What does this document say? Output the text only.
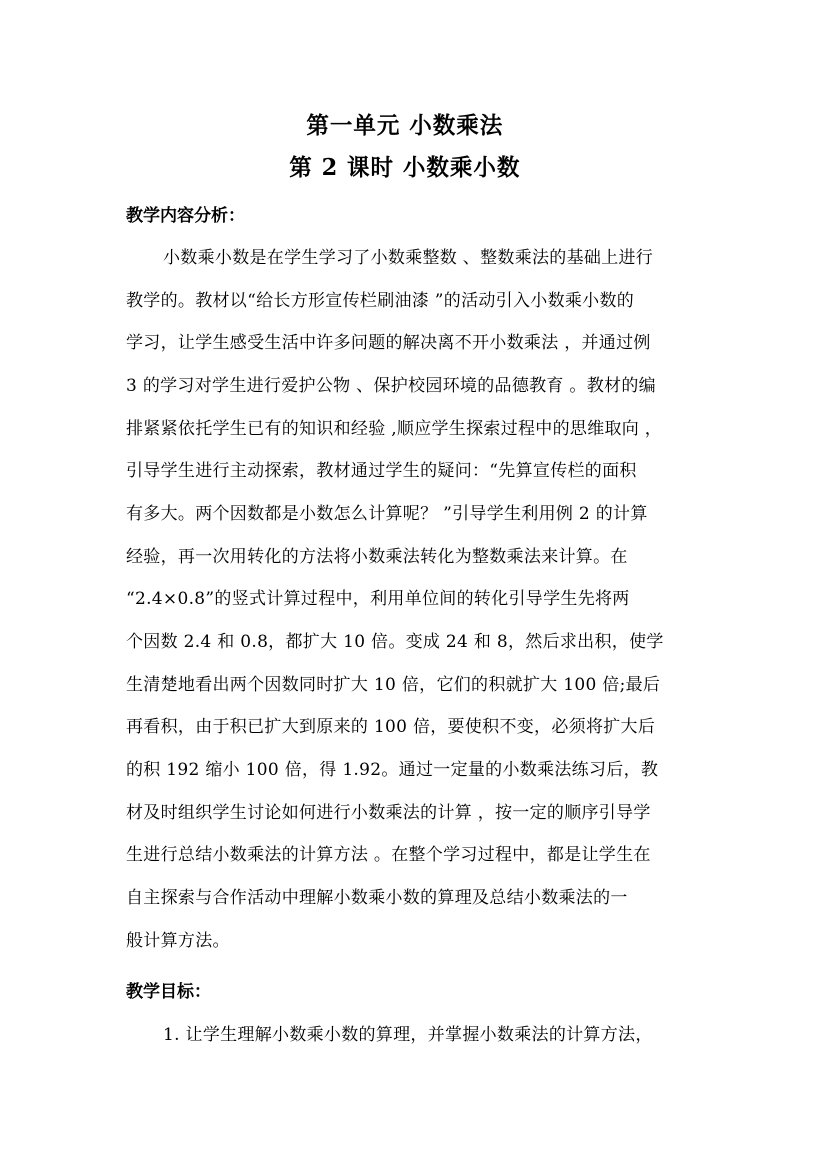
第一单元 小数乘法
第 2 课时 小数乘小数
教学内容分析：
小数乘小数是在学生学习了小数乘整数 、整数乘法的基础上进行
教学的。教材以“给长方形宣传栏刷油漆 ”的活动引入小数乘小数的
学习，让学生感受生活中许多问题的解决离不开小数乘法 ，并通过例
3 的学习对学生进行爱护公物 、保护校园环境的品德教育 。教材的编
排紧紧依托学生已有的知识和经验 ,顺应学生探索过程中的思维取向 ，
引导学生进行主动探索，教材通过学生的疑问：“先算宣传栏的面积
有多大。两个因数都是小数怎么计算呢？ ”引导学生利用例 2 的计算
经验，再一次用转化的方法将小数乘法转化为整数乘法来计算。在
“2.4×0.8”的竖式计算过程中，利用单位间的转化引导学生先将两
个因数 2.4 和 0.8，都扩大 10 倍。变成 24 和 8，然后求出积，使学
生清楚地看出两个因数同时扩大 10 倍，它们的积就扩大 100 倍;最后
再看积，由于积已扩大到原来的 100 倍，要使积不变，必须将扩大后
的积 192 缩小 100 倍，得 1.92。通过一定量的小数乘法练习后，教
材及时组织学生讨论如何进行小数乘法的计算 ，按一定的顺序引导学
生进行总结小数乘法的计算方法 。在整个学习过程中，都是让学生在
自主探索与合作活动中理解小数乘小数的算理及总结小数乘法的一
般计算方法。
教学目标：
1. 让学生理解小数乘小数的算理，并掌握小数乘法的计算方法，
